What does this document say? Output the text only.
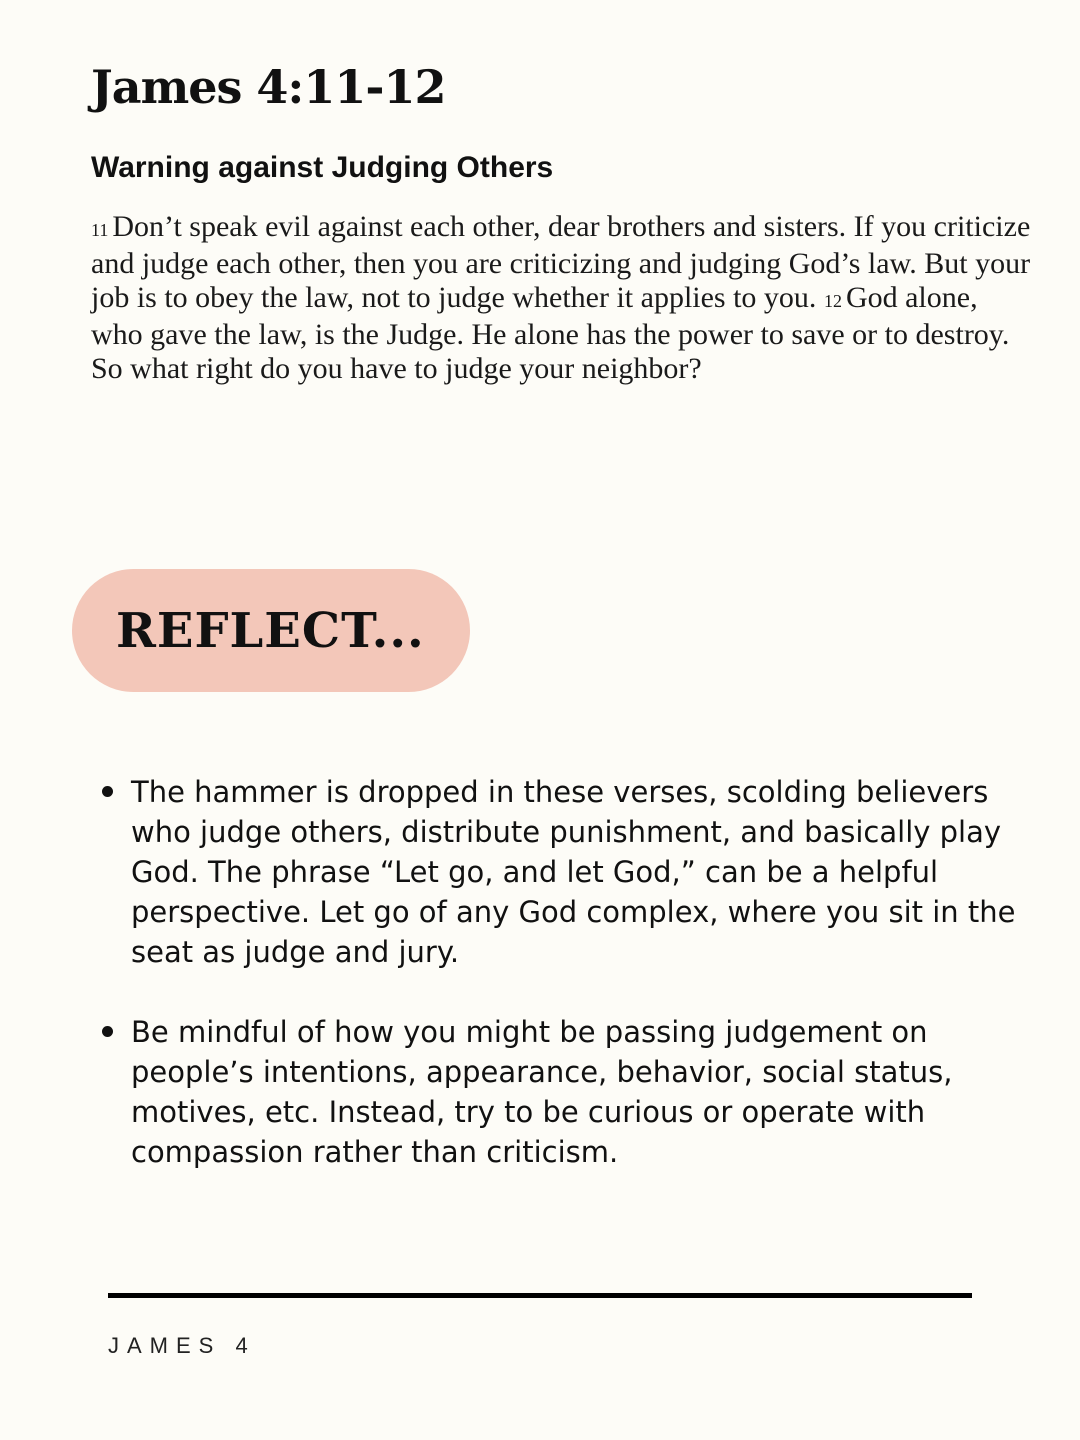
James 4:11-12
Warning against Judging Others

11 Don’t speak evil against each other, dear brothers and sisters. If you criticize and judge each other, then you are criticizing and judging God’s law. But your job is to obey the law, not to judge whether it applies to you. 12 God alone, who gave the law, is the Judge. He alone has the power to save or to destroy. So what right do you have to judge your neighbor?

REFLECT...
The hammer is dropped in these verses, scolding believers who judge others, distribute punishment, and basically play God. The phrase “Let go, and let God,” can be a helpful perspective. Let go of any God complex, where you sit in the seat as judge and jury.
Be mindful of how you might be passing judgement on people’s intentions, appearance, behavior, social status, motives, etc. Instead, try to be curious or operate with compassion rather than criticism.
JAMES 4
